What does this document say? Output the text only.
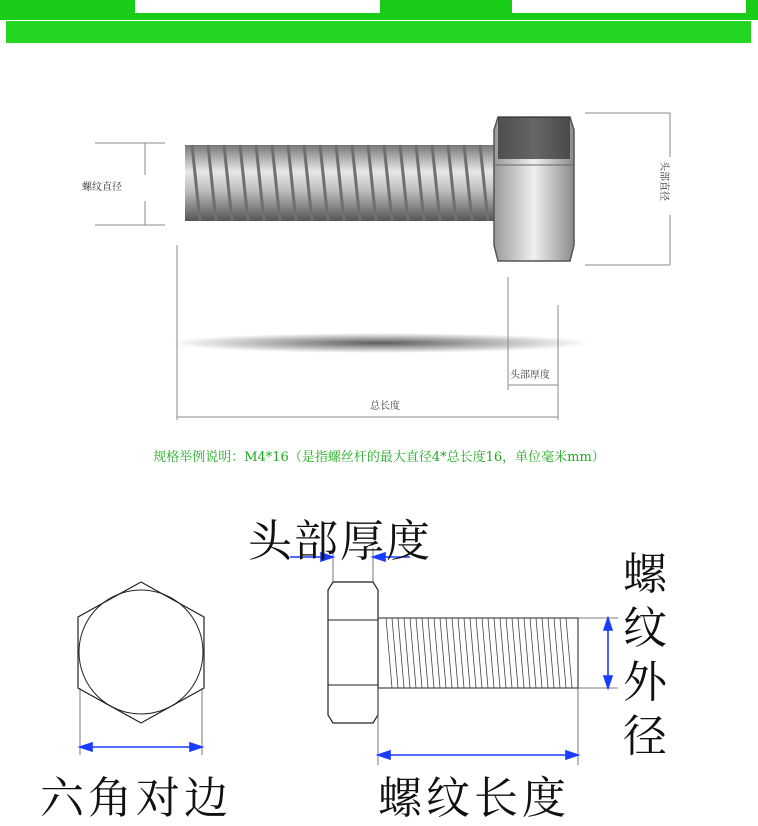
螺纹直径	头部直径
头部厚度
总长度
规格举例说明：M4*16（是指螺丝杆的最大直径4*总长度16，单位毫米mm）
头部厚度
螺纹外径
六角对边	螺纹长度
